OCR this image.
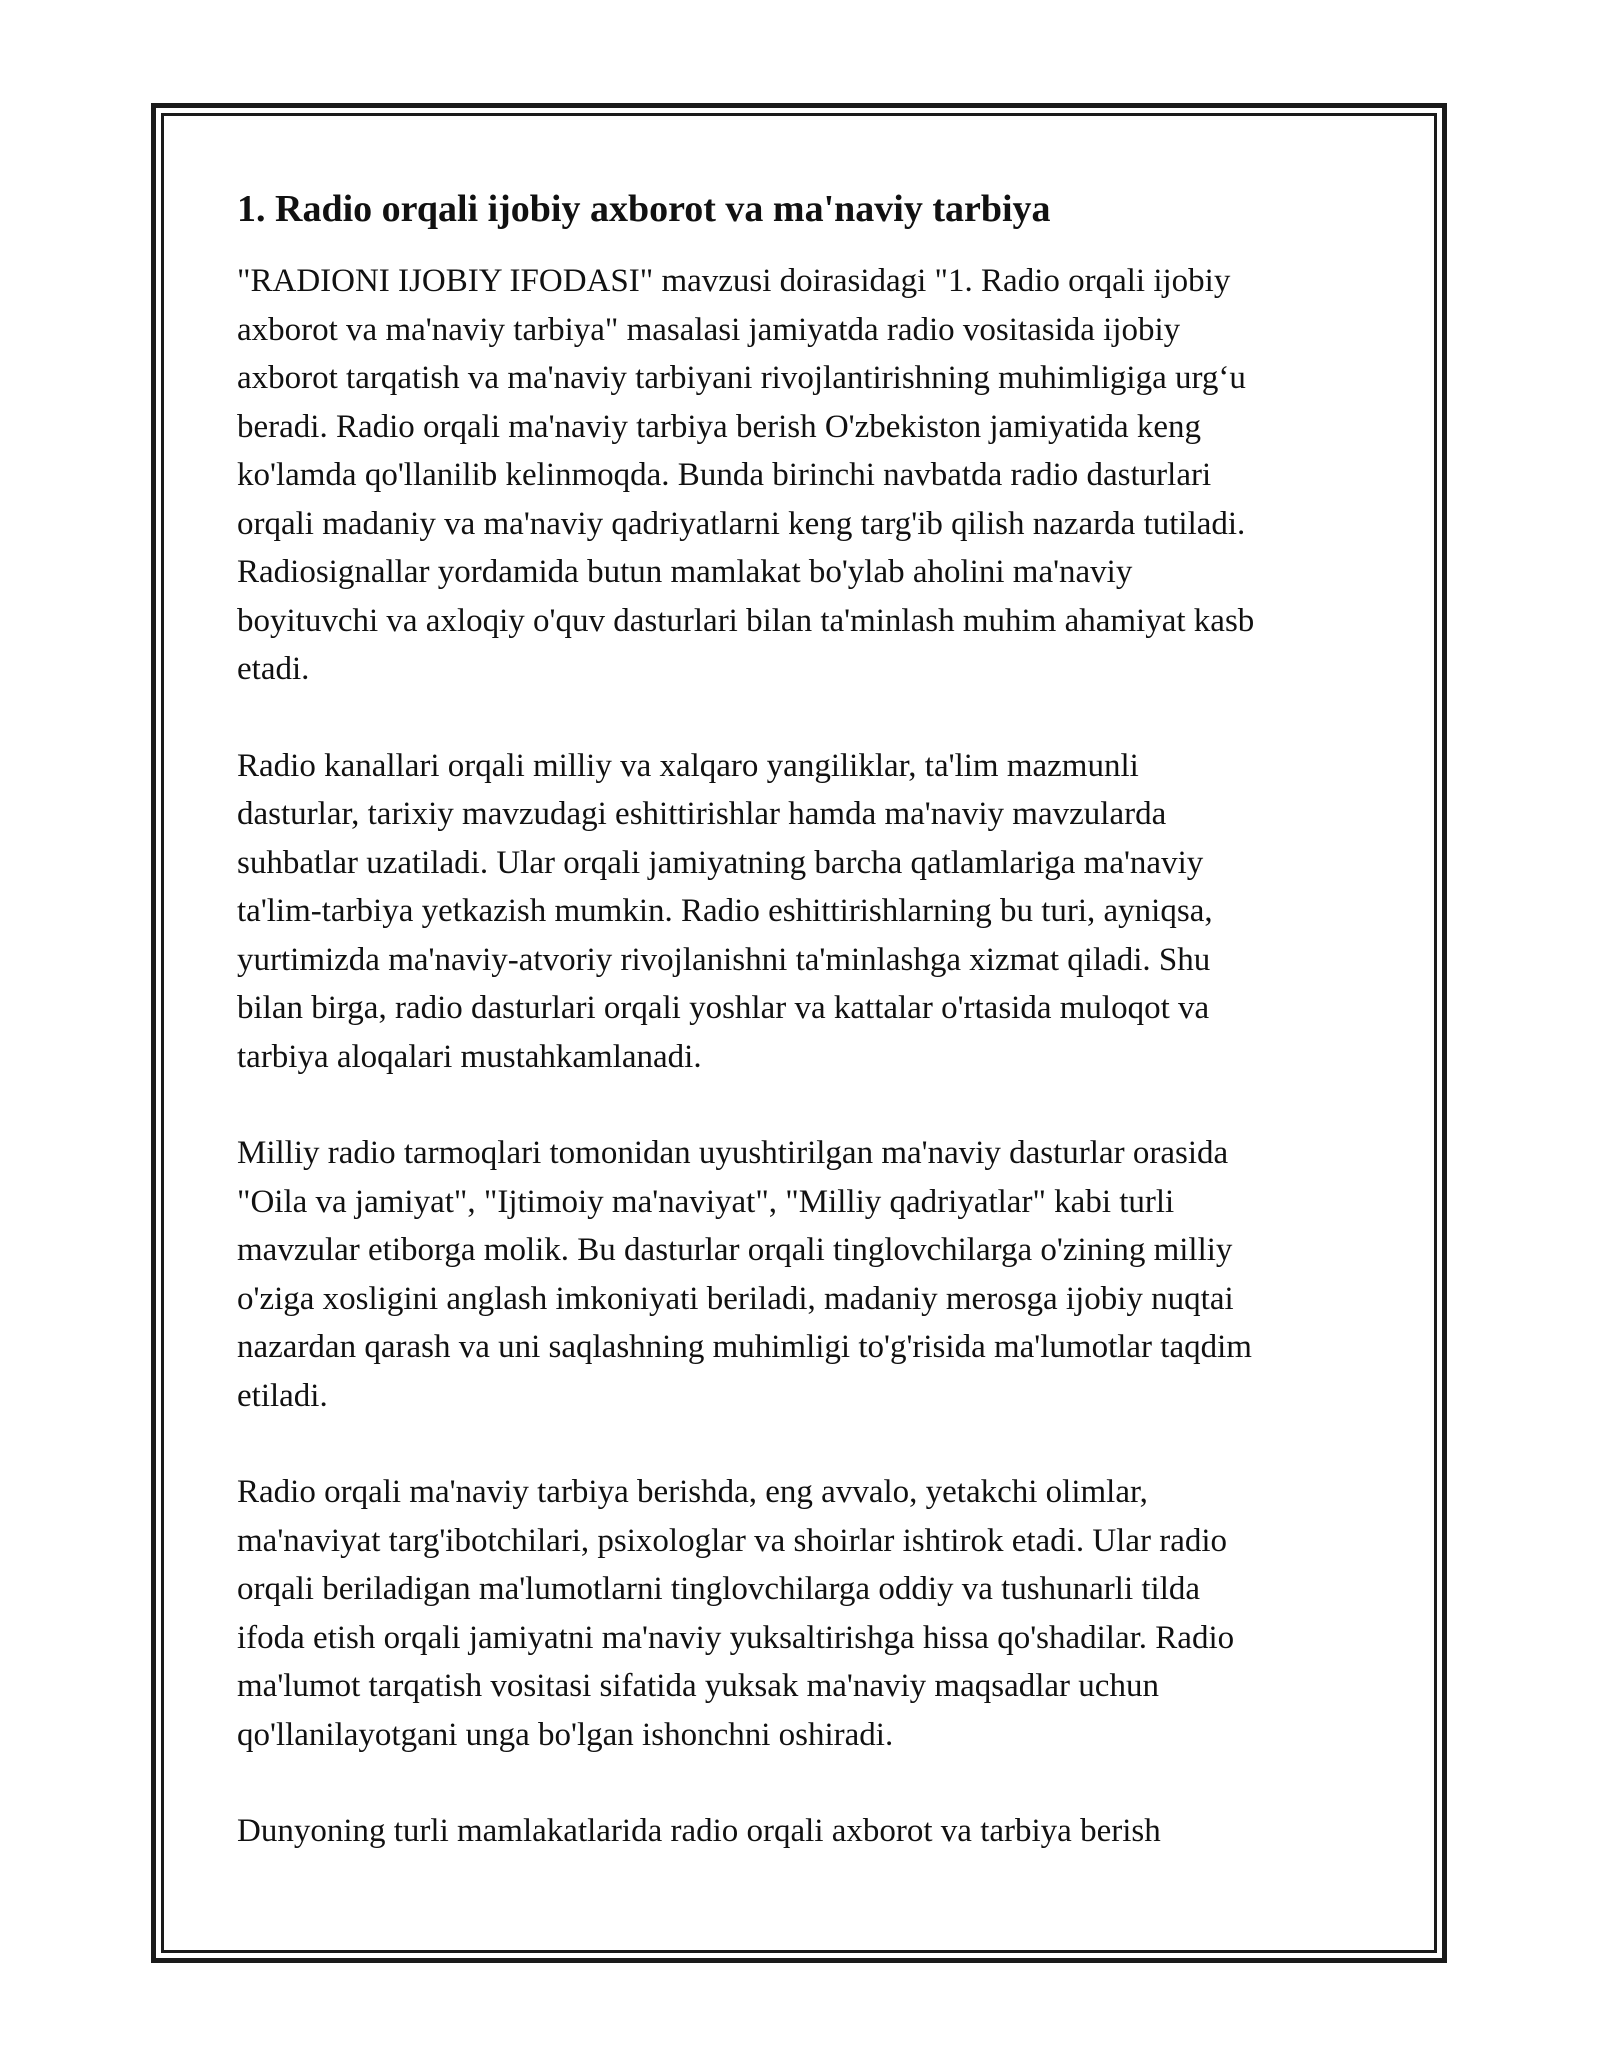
1. Radio orqali ijobiy axborot va ma'naviy tarbiya

"RADIONI IJOBIY IFODASI" mavzusi doirasidagi "1. Radio orqali ijobiy
axborot va ma'naviy tarbiya" masalasi jamiyatda radio vositasida ijobiy
axborot tarqatish va ma'naviy tarbiyani rivojlantirishning muhimligiga urg‘u
beradi. Radio orqali ma'naviy tarbiya berish O'zbekiston jamiyatida keng
ko'lamda qo'llanilib kelinmoqda. Bunda birinchi navbatda radio dasturlari
orqali madaniy va ma'naviy qadriyatlarni keng targ'ib qilish nazarda tutiladi.
Radiosignallar yordamida butun mamlakat bo'ylab aholini ma'naviy
boyituvchi va axloqiy o'quv dasturlari bilan ta'minlash muhim ahamiyat kasb
etadi.

Radio kanallari orqali milliy va xalqaro yangiliklar, ta'lim mazmunli
dasturlar, tarixiy mavzudagi eshittirishlar hamda ma'naviy mavzularda
suhbatlar uzatiladi. Ular orqali jamiyatning barcha qatlamlariga ma'naviy
ta'lim-tarbiya yetkazish mumkin. Radio eshittirishlarning bu turi, ayniqsa,
yurtimizda ma'naviy-atvoriy rivojlanishni ta'minlashga xizmat qiladi. Shu
bilan birga, radio dasturlari orqali yoshlar va kattalar o'rtasida muloqot va
tarbiya aloqalari mustahkamlanadi.

Milliy radio tarmoqlari tomonidan uyushtirilgan ma'naviy dasturlar orasida
"Oila va jamiyat", "Ijtimoiy ma'naviyat", "Milliy qadriyatlar" kabi turli
mavzular etiborga molik. Bu dasturlar orqali tinglovchilarga o'zining milliy
o'ziga xosligini anglash imkoniyati beriladi, madaniy merosga ijobiy nuqtai
nazardan qarash va uni saqlashning muhimligi to'g'risida ma'lumotlar taqdim
etiladi.

Radio orqali ma'naviy tarbiya berishda, eng avvalo, yetakchi olimlar,
ma'naviyat targ'ibotchilari, psixologlar va shoirlar ishtirok etadi. Ular radio
orqali beriladigan ma'lumotlarni tinglovchilarga oddiy va tushunarli tilda
ifoda etish orqali jamiyatni ma'naviy yuksaltirishga hissa qo'shadilar. Radio
ma'lumot tarqatish vositasi sifatida yuksak ma'naviy maqsadlar uchun
qo'llanilayotgani unga bo'lgan ishonchni oshiradi.

Dunyoning turli mamlakatlarida radio orqali axborot va tarbiya berish
